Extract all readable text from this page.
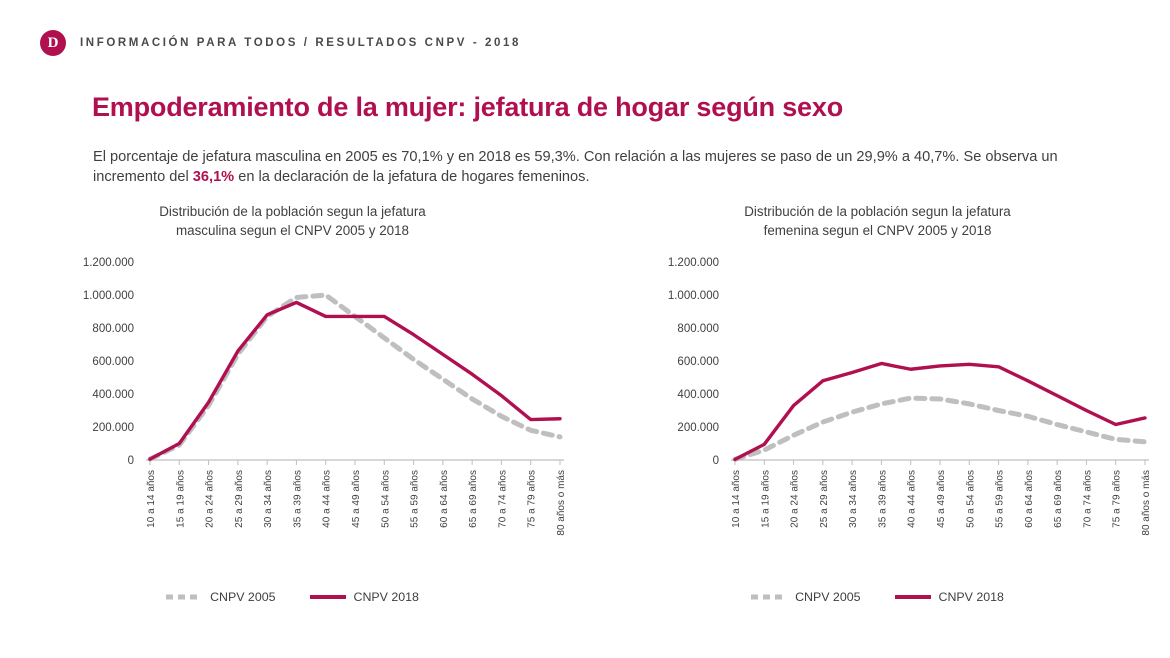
D	INFORMACIÓN PARA TODOS / RESULTADOS CNPV - 2018
Empoderamiento de la mujer: jefatura de hogar según sexo

El porcentaje de jefatura masculina en 2005 es 70,1% y en 2018 es 59,3%. Con relación a las mujeres se paso de un 29,9% a 40,7%. Se observa un incremento del 36,1% en la declaración de la jefatura de hogares femeninos.

Distribución de la población segun la jefatura
masculina segun el CNPV 2005 y 2018
0
200.000
400.000
600.000
800.000
1.000.000
1.200.000
10 a 14 años 15 a 19 años 20 a 24 años 25 a 29 años 30 a 34 años 35 a 39 años 40 a 44 años 45 a 49 años 50 a 54 años 55 a 59 años 60 a 64 años 65 a 69 años 70 a 74 años 75 a 79 años 80 años o más
CNPV 2005	CNPV 2018
Distribución de la población segun la jefatura
femenina segun el CNPV 2005 y 2018
0
200.000
400.000
600.000
800.000
1.000.000
1.200.000
10 a 14 años 15 a 19 años 20 a 24 años 25 a 29 años 30 a 34 años 35 a 39 años 40 a 44 años 45 a 49 años 50 a 54 años 55 a 59 años 60 a 64 años 65 a 69 años 70 a 74 años 75 a 79 años 80 años o más
CNPV 2005	CNPV 2018
